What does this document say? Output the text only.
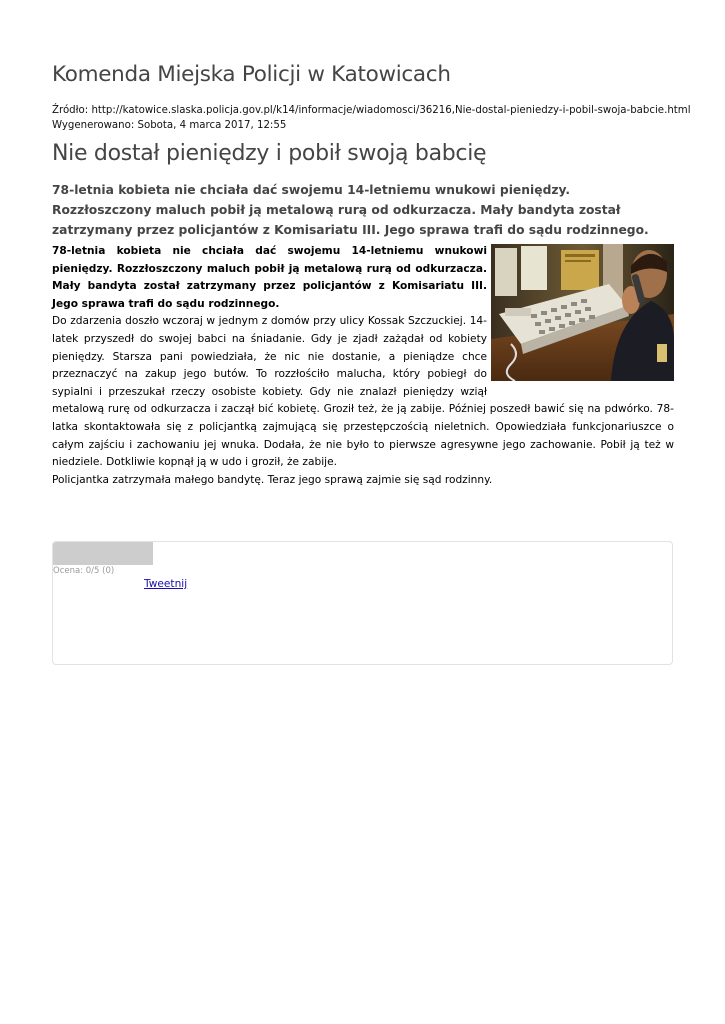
Komenda Miejska Policji w Katowicach
Źródło: http://katowice.slaska.policja.gov.pl/k14/informacje/wiadomosci/36216,Nie-dostal-pieniedzy-i-pobil-swoja-babcie.html
Wygenerowano: Sobota, 4 marca 2017, 12:55
Nie dostał pieniędzy i pobił swoją babcię

78-letnia kobieta nie chciała dać swojemu 14-letniemu wnukowi pieniędzy. Rozzłoszczony maluch pobił ją metalową rurą od odkurzacza. Mały bandyta został zatrzymany przez policjantów z Komisariatu III. Jego sprawa trafi do sądu rodzinnego.

78-letnia kobieta nie chciała dać swojemu 14-letniemu wnukowi pieniędzy. Rozzłoszczony maluch pobił ją metalową rurą od odkurzacza. Mały bandyta został zatrzymany przez policjantów z Komisariatu III. Jego sprawa trafi do sądu rodzinnego.

Do zdarzenia doszło wczoraj w jednym z domów przy ulicy Kossak Szczuckiej. 14-latek przyszedł do swojej babci na śniadanie. Gdy je zjadł zażądał od kobiety pieniędzy. Starsza pani powiedziała, że nic nie dostanie, a pieniądze chce przeznaczyć na zakup jego butów. To rozzłościło malucha, który pobiegł do sypialni i przeszukał rzeczy osobiste kobiety. Gdy nie znalazł pieniędzy wziął metalową rurę od odkurzacza i zaczął bić kobietę. Groził też, że ją zabije. Później poszedł bawić się na pdwórko. 78-latka skontaktowała się z policjantką zajmującą się przestępczością nieletnich. Opowiedziała funkcjonariuszce o całym zajściu i zachowaniu jej wnuka. Dodała, że nie było to pierwsze agresywne jego zachowanie. Pobił ją też w niedziele. Dotkliwie kopnął ją w udo i groził, że zabije.

Policjantka zatrzymała małego bandytę. Teraz jego sprawą zajmie się sąd rodzinny.

Ocena: 0/5 (0)
Tweetnij
